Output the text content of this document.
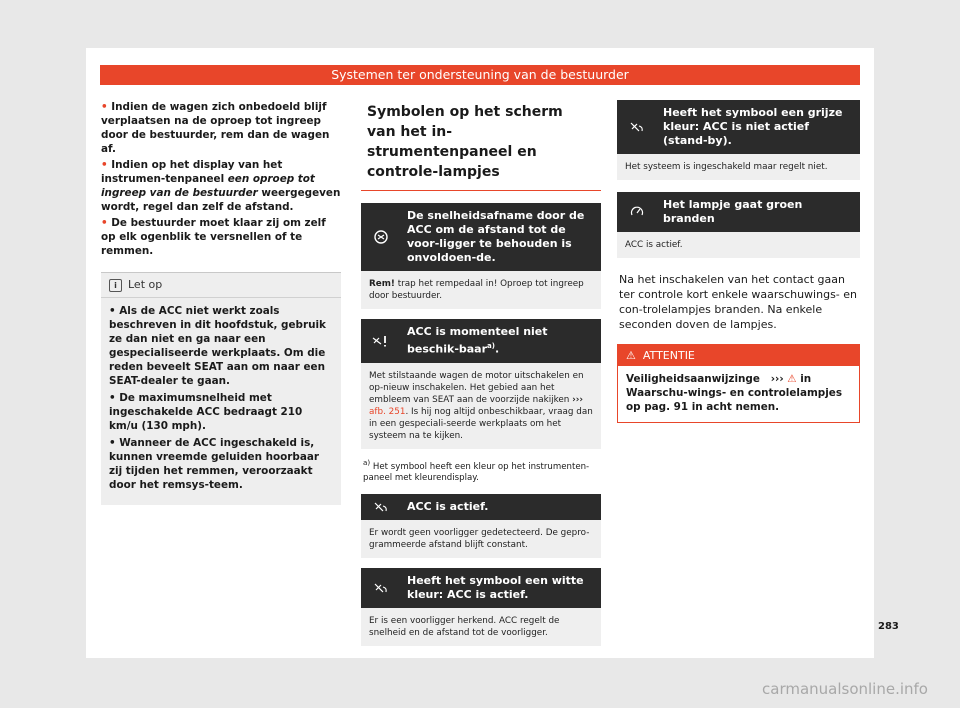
Systemen ter ondersteuning van de bestuurder

• Indien de wagen zich onbedoeld blijf verplaatsen na de oproep tot ingreep door de bestuurder, rem dan de wagen af.

• Indien op het display van het instrumen-tenpaneel een oproep tot ingreep van de bestuurder weergegeven wordt, regel dan zelf de afstand.

• De bestuurder moet klaar zij om zelf op elk ogenblik te versnellen of te remmen.

i Let op

• Als de ACC niet werkt zoals beschreven in dit hoofdstuk, gebruik ze dan niet en ga naar een gespecialiseerde werkplaats. Om die reden beveelt SEAT aan om naar een SEAT-dealer te gaan.

• De maximumsnelheid met ingeschakelde ACC bedraagt 210 km/u (130 mph).

• Wanneer de ACC ingeschakeld is, kunnen vreemde geluiden hoorbaar zij tijden het remmen, veroorzaakt door het remsys-teem.

Symbolen op het scherm van het in-strumentenpaneel en controle-lampjes
De snelheidsafname door de ACC om de afstand tot de voor-ligger te behouden is onvoldoen-de.
Rem! trap het rempedaal in! Oproep tot ingreep door bestuurder.
ACC is momenteel niet beschik-baar$^{a)}$.
Met stilstaande wagen de motor uitschakelen en op-nieuw inschakelen. Het gebied aan het embleem van SEAT aan de voorzijde nakijken ››› afb. 251. Is hij nog altijd onbeschikbaar, vraag dan in een gespeciali-seerde werkplaats om het systeem na te kijken.
$^{a)}$ Het symbool heeft een kleur op het instrumenten-paneel met kleurendisplay.
ACC is actief.
Er wordt geen voorligger gedetecteerd. De gepro-grammeerde afstand blijft constant.
Heeft het symbool een witte kleur: ACC is actief.
Er is een voorligger herkend. ACC regelt de snelheid en de afstand tot de voorligger.
Heeft het symbool een grijze kleur: ACC is niet actief (stand-by).
Het systeem is ingeschakeld maar regelt niet.
Het lampje gaat groen branden
ACC is actief.
Na het inschakelen van het contact gaan ter controle kort enkele waarschuwings- en con-trolelampjes branden. Na enkele seconden doven de lampjes.
⚠ ATTENTIE
Veiligheidsaanwijzinge ››› ⚠ in Waarschu-wings- en controlelampjes op pag. 91 in acht nemen.
283
carmanualsonline.info
